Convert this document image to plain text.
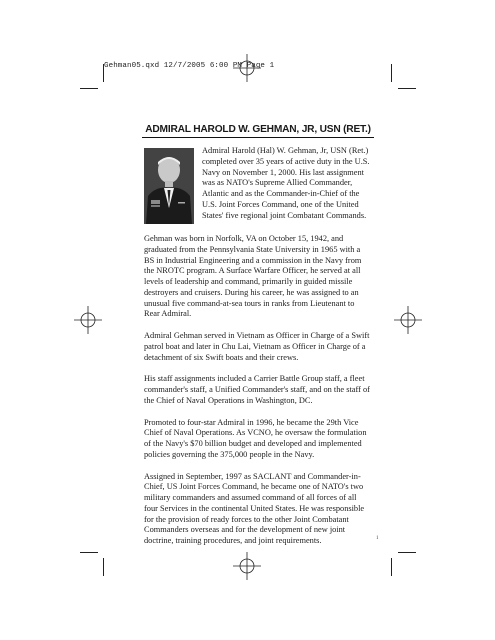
Gehman05.qxd 12/7/2005 6:00 PM Page 1
ADMIRAL HAROLD W. GEHMAN, JR, USN (RET.)

Admiral Harold (Hal) W. Gehman, Jr, USN (Ret.) completed over 35 years of active duty in the U.S. Navy on November 1, 2000. His last assignment was as NATO's Supreme Allied Commander, Atlantic and as the Commander-in-Chief of the U.S. Joint Forces Command, one of the United States' five regional joint Combatant Commands.

Gehman was born in Norfolk, VA on October 15, 1942, and graduated from the Pennsylvania State University in 1965 with a BS in Industrial Engineering and a commission in the Navy from the NROTC program. A Surface Warfare Officer, he served at all levels of leadership and command, primarily in guided missile destroyers and cruisers. During his career, he was assigned to an unusual five command-at-sea tours in ranks from Lieutenant to Rear Admiral.

Admiral Gehman served in Vietnam as Officer in Charge of a Swift patrol boat and later in Chu Lai, Vietnam as Officer in Charge of a detachment of six Swift boats and their crews.

His staff assignments included a Carrier Battle Group staff, a fleet commander's staff, a Unified Commander's staff, and on the staff of the Chief of Naval Operations in Washington, DC.

Promoted to four-star Admiral in 1996, he became the 29th Vice Chief of Naval Operations. As VCNO, he oversaw the formulation of the Navy's $70 billion budget and developed and implemented policies governing the 375,000 people in the Navy.

Assigned in September, 1997 as SACLANT and Commander-in-Chief, US Joint Forces Command, he became one of NATO's two military commanders and assumed command of all forces of all four Services in the continental United States. He was responsible for the provision of ready forces to the other Joint Combatant Commanders overseas and for the development of new joint doctrine, training procedures, and joint requirements.	1
